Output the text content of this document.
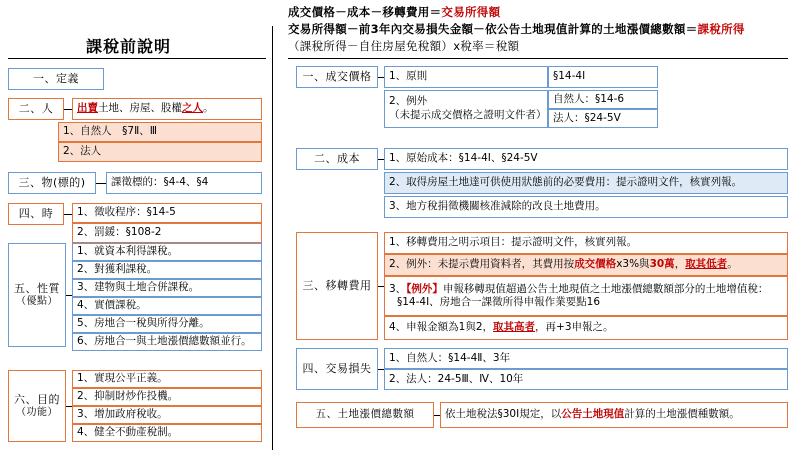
課稅前說明
一、定義
二、人 出賣土地、房屋、股權之人。
1、自然人　§7Ⅱ、Ⅲ
2、法人
三、物(標的) 課徵標的：§4-4、§4
四、時 1、徵收程序：§14-5
2、罰鍰：§108-2
五、性質
（優點）
1、就資本利得課稅。
2、對獲利課稅。
3、建物與土地合併課稅。
4、實價課稅。
5、房地合一稅與所得分離。
6、房地合一與土地漲價總數額並行。
六、目的
（功能）
1、實現公平正義。
2、抑制財炒作投機。
3、增加政府稅收。
4、健全不動產稅制。
成交價格－成本－移轉費用＝交易所得額
交易所得額－前3年內交易損失金額－依公告土地現值計算的土地漲價總數額＝課稅所得
（課稅所得－自住房屋免稅額）x稅率＝稅額
一、成交價格 1、原則	§14-4Ⅰ
2、例外
（未提示成交價格之證明文件者）
自然人：§14-6
法人：§24-5Ⅴ
二、成本	1、原始成本：§14-4Ⅰ、§24-5Ⅴ
2、取得房屋土地達可供使用狀態前的必要費用：提示證明文件，核實列報。
3、地方稅捐徵機關核准減除的改良土地費用。
三、移轉費用
1、移轉費用之明示項目：提示證明文件，核實列報。
2、例外：未提示費用資料者，其費用按成交價格x3%與30萬，取其低者。
3、【例外】申報移轉現值超過公告土地現值之土地漲價總數額部分的土地增值稅：
§14-4Ⅰ、房地合一課徵所得申報作業要點16
4、申報金額為1與2，取其高者，再+3申報之。
四、交易損失
1、自然人：§14-4Ⅱ、3年
2、法人：24-5Ⅲ、Ⅳ、10年
五、土地漲價總數額	依土地稅法§30Ⅰ規定，以公告土地現值計算的土地漲價種數額。
